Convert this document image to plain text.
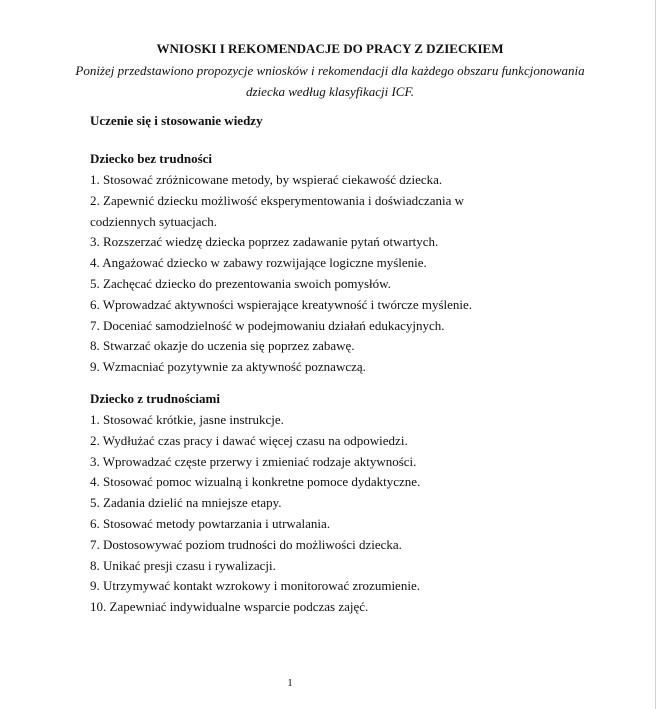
WNIOSKI I REKOMENDACJE DO PRACY Z DZIECKIEM
Poniżej przedstawiono propozycje wniosków i rekomendacji dla każdego obszaru funkcjonowania dziecka według klasyfikacji ICF.
Uczenie się i stosowanie wiedzy
Dziecko bez trudności
1. Stosować zróżnicowane metody, by wspierać ciekawość dziecka.
2. Zapewnić dziecku możliwość eksperymentowania i doświadczania w codziennych sytuacjach.
3. Rozszerzać wiedzę dziecka poprzez zadawanie pytań otwartych.
4. Angażować dziecko w zabawy rozwijające logiczne myślenie.
5. Zachęcać dziecko do prezentowania swoich pomysłów.
6. Wprowadzać aktywności wspierające kreatywność i twórcze myślenie.
7. Doceniać samodzielność w podejmowaniu działań edukacyjnych.
8. Stwarzać okazje do uczenia się poprzez zabawę.
9. Wzmacniać pozytywnie za aktywność poznawczą.
Dziecko z trudnościami
1. Stosować krótkie, jasne instrukcje.
2. Wydłużać czas pracy i dawać więcej czasu na odpowiedzi.
3. Wprowadzać częste przerwy i zmieniać rodzaje aktywności.
4. Stosować pomoc wizualną i konkretne pomoce dydaktyczne.
5. Zadania dzielić na mniejsze etapy.
6. Stosować metody powtarzania i utrwalania.
7. Dostosowywać poziom trudności do możliwości dziecka.
8. Unikać presji czasu i rywalizacji.
9. Utrzymywać kontakt wzrokowy i monitorować zrozumienie.
10. Zapewniać indywidualne wsparcie podczas zajęć.
1
